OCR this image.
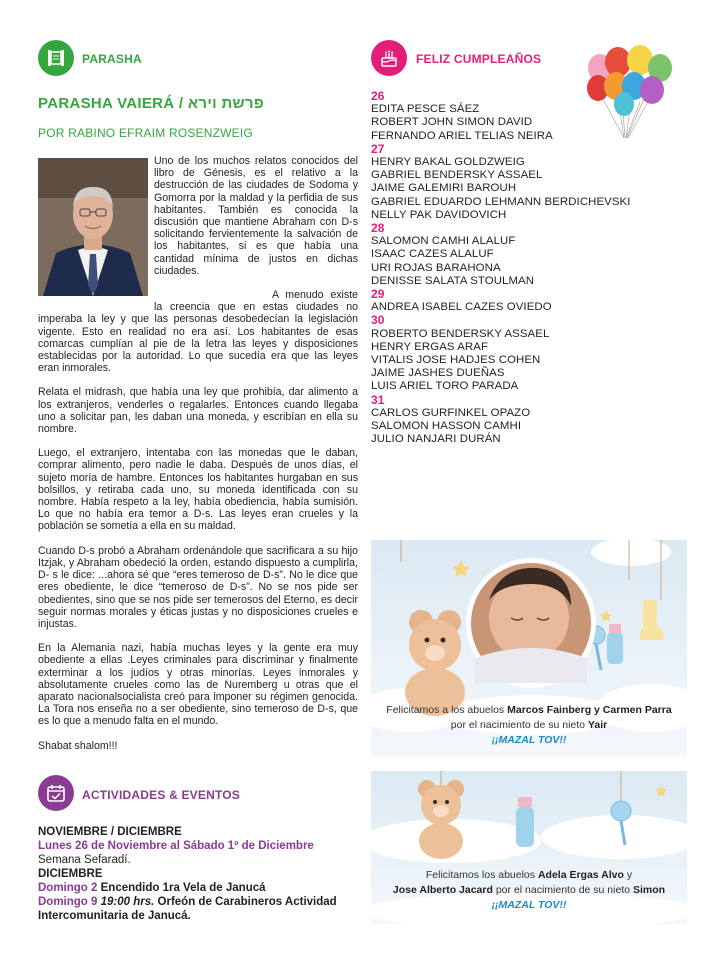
PARASHA
PARASHA VAIERÁ / פרשת וירא
POR RABINO EFRAIM ROSENZWEIG

Uno de los muchos relatos conocidos del libro de Génesis, es el relativo a la destrucción de las ciudades de Sodoma y Gomorra por la maldad y la perfidia de sus habitantes. También es conocida la discusión que mantiene Abraham con D-s solicitando fervientemente la salvación de los habitantes, si es que había una cantidad mínima de justos en dichas ciudades.

A menudo existe la creencia que en estas ciudades no imperaba la ley y que las personas desobedecían la legislación vigente. Esto en realidad no era así. Los habitantes de esas comarcas cumplían al pie de la letra las leyes y disposiciones establecidas por la autoridad. Lo que sucedía era que las leyes eran inmorales.

Relata el midrash, que había una ley que prohibía, dar alimento a los extranjeros, venderles o regalarles. Entonces cuando llegaba uno a solicitar pan, les daban una moneda, y escribían en ella su nombre.

Luego, el extranjero, intentaba con las monedas que le daban, comprar alimento, pero nadie le daba. Después de unos días, el sujeto moría de hambre. Entonces los habitantes hurgaban en sus bolsillos, y retiraba cada uno, su moneda identificada con su nombre. Había respeto a la ley, había obediencia, había sumisión. Lo que no había era temor a D-s. Las leyes eran crueles y la población se sometía a ella en su maldad.

Cuando D-s probó a Abraham ordenándole que sacrificara a su hijo Itzjak, y Abraham obedeció la orden, estando dispuesto a cumplirla, D- s le dice: ...ahora sé que “eres temeroso de D-s”. No le dice que eres obediente, le dice “temeroso de D-s”. No se nos pide ser obedientes, sino que se nos pide ser temerosos del Eterno, es decir seguir normas morales y éticas justas y no disposiciones crueles e injustas.

En la Alemania nazi, había muchas leyes y la gente era muy obediente a ellas .Leyes criminales para discriminar y finalmente exterminar a los judíos y otras minorías. Leyes inmorales y absolutamente crueles como las de Nuremberg u otras que el aparato nacionalsocialista creó para imponer su régimen genocida. La Tora nos enseña no a ser obediente, sino temeroso de D-s, que es lo que a menudo falta en el mundo.

Shabat shalom!!!

ACTIVIDADES & EVENTOS
NOVIEMBRE / DICIEMBRE
Lunes 26 de Noviembre al Sábado 1º de Diciembre
Semana Sefaradí.
DICIEMBRE
Domingo 2 Encendido 1ra Vela de Janucá
Domingo 9 19:00 hrs. Orfeón de Carabineros Actividad
Intercomunitaria de Janucá.
FELIZ CUMPLEAÑOS
26
EDITA PESCE SÁEZ
ROBERT JOHN SIMON DAVID
FERNANDO ARIEL TELIAS NEIRA
27
HENRY BAKAL GOLDZWEIG
GABRIEL BENDERSKY ASSAEL
JAIME GALEMIRI BAROUH
GABRIEL EDUARDO LEHMANN BERDICHEVSKI
NELLY PAK DAVIDOVICH
28
SALOMON CAMHI ALALUF
ISAAC CAZES ALALUF
URI ROJAS BARAHONA
DENISSE SALATA STOULMAN
29
ANDREA ISABEL CAZES OVIEDO
30
ROBERTO BENDERSKY ASSAEL
HENRY ERGAS ARAF
VITALIS JOSE HADJES COHEN
JAIME JASHES DUEÑAS
LUIS ARIEL TORO PARADA
31
CARLOS GURFINKEL OPAZO
SALOMON HASSON CAMHI
JULIO NANJARI DURÁN
Felicitamos a los abuelos Marcos Fainberg y Carmen Parra
por el nacimiento de su nieto Yair
¡¡MAZAL TOV!!
Felicitamos los abuelos Adela Ergas Alvo y
Jose Alberto Jacard por el nacimiento de su nieto Simon
¡¡MAZAL TOV!!
